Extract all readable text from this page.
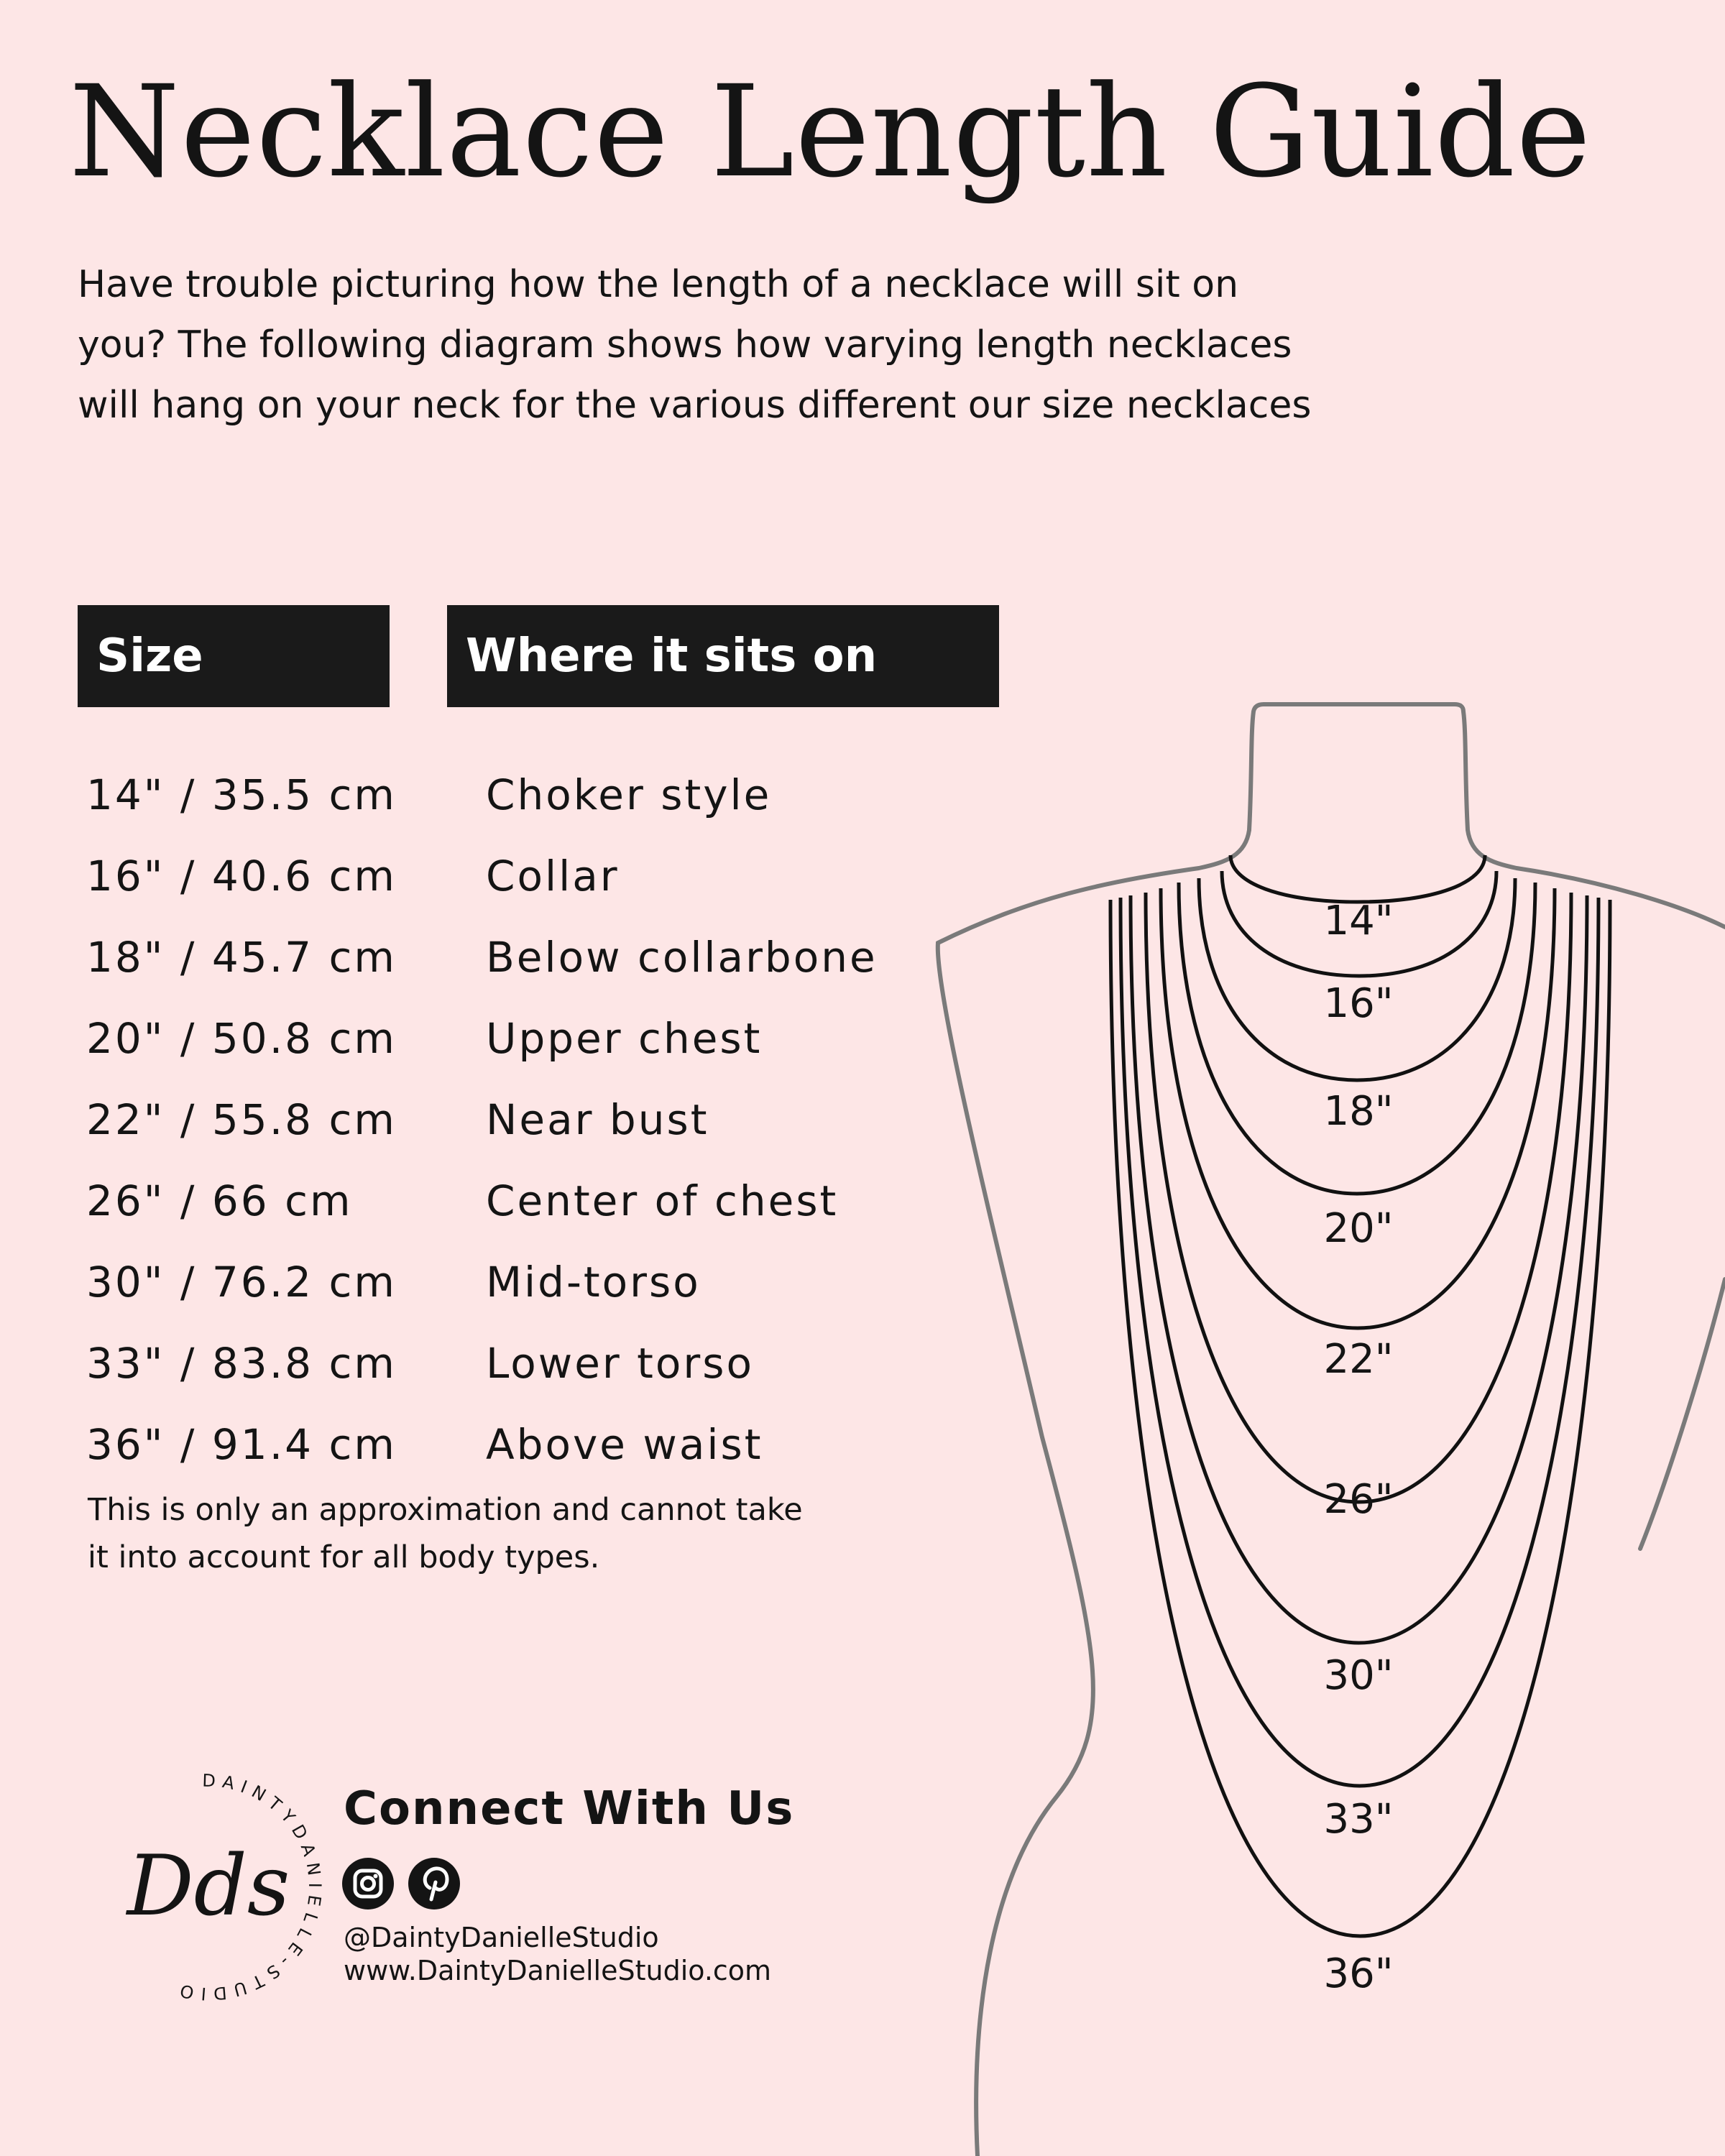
Necklace Length Guide
Have trouble picturing how the length of a necklace will sit on
you? The following diagram shows how varying length necklaces
will hang on your neck for the various different our size necklaces
Size	Where it sits on
14" / 35.5 cm	Choker style
16" / 40.6 cm	Collar
18" / 45.7 cm	Below collarbone
20" / 50.8 cm	Upper chest
22" / 55.8 cm	Near bust
26" / 66 cm	Center of chest
30" / 76.2 cm	Mid-torso
33" / 83.8 cm	Lower torso
36" / 91.4 cm	Above waist
This is only an approximation and cannot take
it into account for all body types.
14"
16"
18"
20"
22"
26"
30"
33"
36"
DAINTYDANIELLE-STUDIO
Dds
Connect With Us
@DaintyDanielleStudio
www.DaintyDanielleStudio.com
